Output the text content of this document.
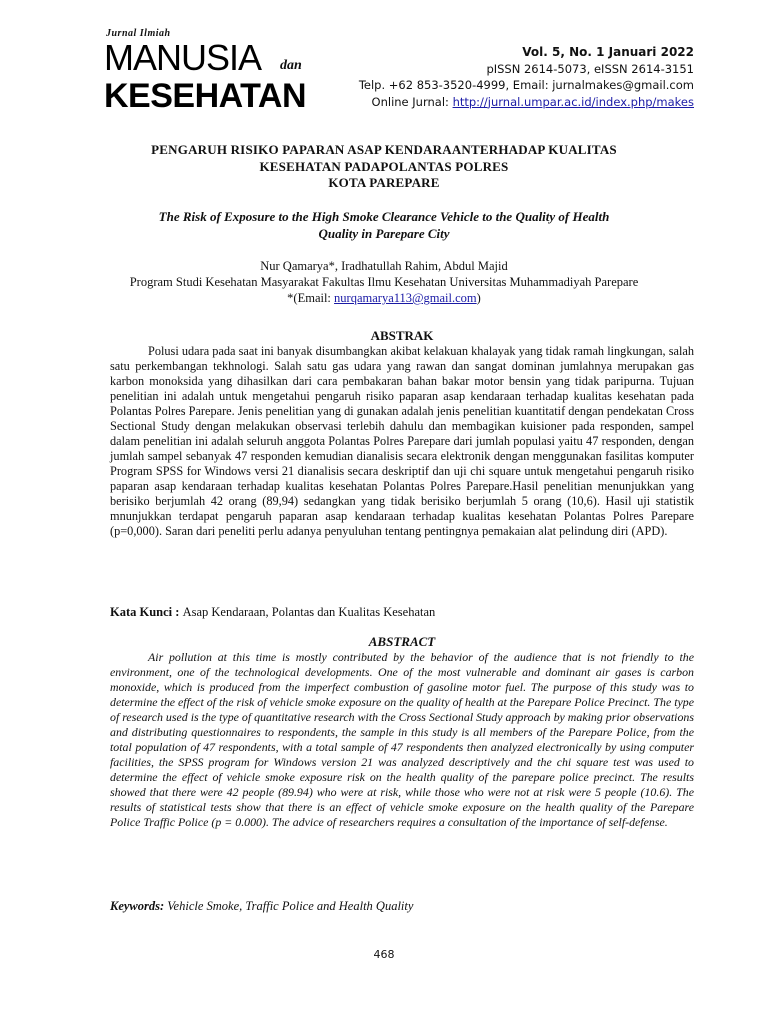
Jurnal Ilmiah
MANUSIA dan
KESEHATAN
Vol. 5, No. 1 Januari 2022
pISSN 2614-5073, eISSN 2614-3151
Telp. +62 853-3520-4999, Email: jurnalmakes@gmail.com
Online Jurnal: http://jurnal.umpar.ac.id/index.php/makes
PENGARUH RISIKO PAPARAN ASAP KENDARAANTERHADAP KUALITAS
KESEHATAN PADAPOLANTAS POLRES
KOTA PAREPARE
The Risk of Exposure to the High Smoke Clearance Vehicle to the Quality of Health
Quality in Parepare City
Nur Qamarya*, Iradhatullah Rahim, Abdul Majid
Program Studi Kesehatan Masyarakat Fakultas Ilmu Kesehatan Universitas Muhammadiyah Parepare
*(Email: nurqamarya113@gmail.com)
ABSTRAK

Polusi udara pada saat ini banyak disumbangkan akibat kelakuan khalayak yang tidak ramah lingkungan, salah satu perkembangan tekhnologi. Salah satu gas udara yang rawan dan sangat dominan jumlahnya merupakan gas karbon monoksida yang dihasilkan dari cara pembakaran bahan bakar motor bensin yang tidak paripurna. Tujuan penelitian ini adalah untuk mengetahui pengaruh risiko paparan asap kendaraan terhadap kualitas kesehatan pada Polantas Polres Parepare. Jenis penelitian yang di gunakan adalah jenis penelitian kuantitatif dengan pendekatan Cross Sectional Study dengan melakukan observasi terlebih dahulu dan membagikan kuisioner pada responden, sampel dalam penelitian ini adalah seluruh anggota Polantas Polres Parepare dari jumlah populasi yaitu 47 responden, dengan jumlah sampel sebanyak 47 responden kemudian dianalisis secara elektronik dengan menggunakan fasilitas komputer Program SPSS for Windows versi 21 dianalisis secara deskriptif dan uji chi square untuk mengetahui pengaruh risiko paparan asap kendaraan terhadap kualitas kesehatan Polantas Polres Parepare.Hasil penelitian menunjukkan yang berisiko berjumlah 42 orang (89,94) sedangkan yang tidak berisiko berjumlah 5 orang (10,6). Hasil uji statistik mnunjukkan terdapat pengaruh paparan asap kendaraan terhadap kualitas kesehatan Polantas Polres Parepare (p=0,000). Saran dari peneliti perlu adanya penyuluhan tentang pentingnya pemakaian alat pelindung diri (APD).

Kata Kunci : Asap Kendaraan, Polantas dan Kualitas Kesehatan
ABSTRACT

Air pollution at this time is mostly contributed by the behavior of the audience that is not friendly to the environment, one of the technological developments. One of the most vulnerable and dominant air gases is carbon monoxide, which is produced from the imperfect combustion of gasoline motor fuel. The purpose of this study was to determine the effect of the risk of vehicle smoke exposure on the quality of health at the Parepare Police Precinct. The type of research used is the type of quantitative research with the Cross Sectional Study approach by making prior observations and distributing questionnaires to respondents, the sample in this study is all members of the Parepare Police, from the total population of 47 respondents, with a total sample of 47 respondents then analyzed electronically by using computer facilities, the SPSS program for Windows version 21 was analyzed descriptively and the chi square test was used to determine the effect of vehicle smoke exposure risk on the health quality of the parepare police precinct. The results showed that there were 42 people (89.94) who were at risk, while those who were not at risk were 5 people (10.6). The results of statistical tests show that there is an effect of vehicle smoke exposure on the health quality of the Parepare Police Traffic Police (p = 0.000). The advice of researchers requires a consultation of the importance of self-defense.

Keywords: Vehicle Smoke, Traffic Police and Health Quality
468
